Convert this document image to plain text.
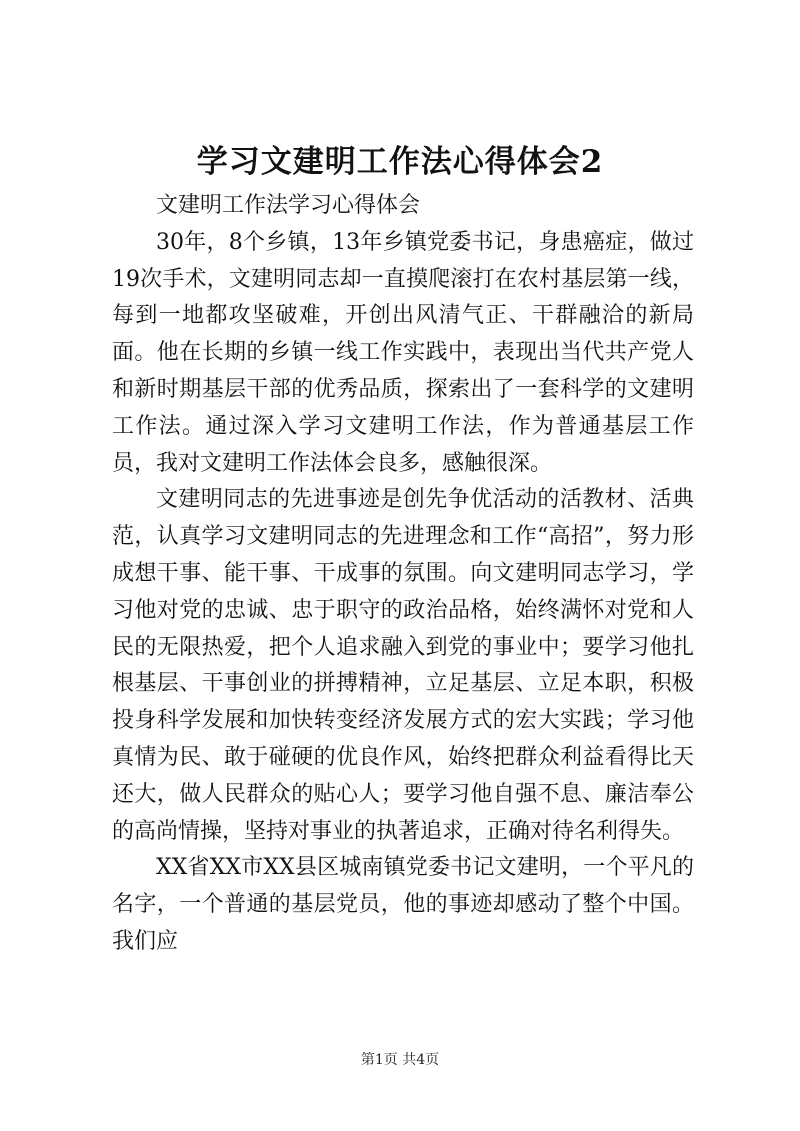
学习文建明工作法心得体会2

文建明工作法学习心得体会

30年，8个乡镇，13年乡镇党委书记，身患癌症，做过19次手术，文建明同志却一直摸爬滚打在农村基层第一线，每到一地都攻坚破难，开创出风清气正、干群融洽的新局面。他在长期的乡镇一线工作实践中，表现出当代共产党人和新时期基层干部的优秀品质，探索出了一套科学的文建明工作法。通过深入学习文建明工作法，作为普通基层工作员，我对文建明工作法体会良多，感触很深。

文建明同志的先进事迹是创先争优活动的活教材、活典范，认真学习文建明同志的先进理念和工作“高招”，努力形成想干事、能干事、干成事的氛围。向文建明同志学习，学习他对党的忠诚、忠于职守的政治品格，始终满怀对党和人民的无限热爱，把个人追求融入到党的事业中；要学习他扎根基层、干事创业的拼搏精神，立足基层、立足本职，积极投身科学发展和加快转变经济发展方式的宏大实践；学习他真情为民、敢于碰硬的优良作风，始终把群众利益看得比天还大，做人民群众的贴心人；要学习他自强不息、廉洁奉公的高尚情操，坚持对事业的执著追求，正确对待名利得失。

XX省XX市XX县区城南镇党委书记文建明，一个平凡的名字，一个普通的基层党员，他的事迹却感动了整个中国。我们应

第1页 共4页
